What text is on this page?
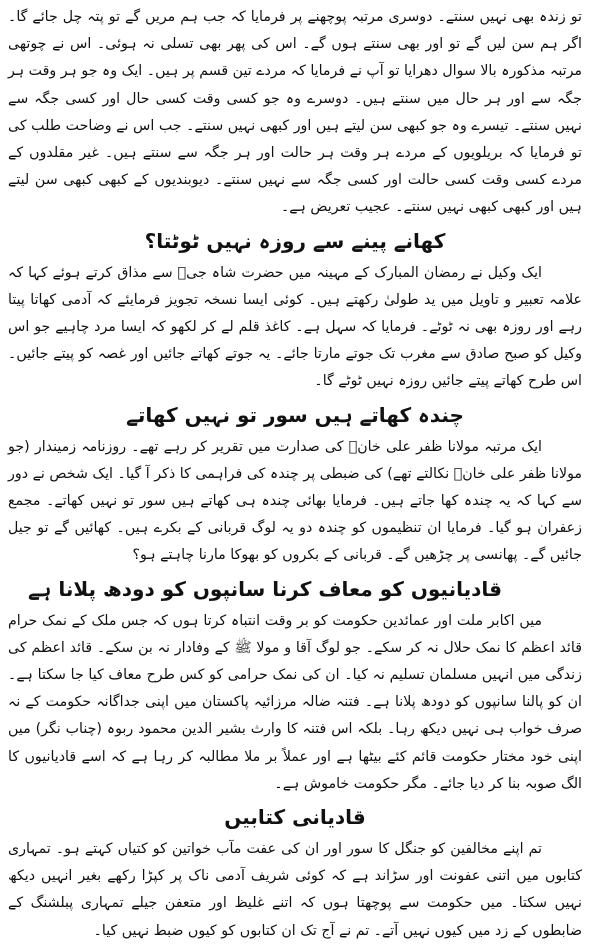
تو زندہ بھی نہیں سنتے۔ دوسری مرتبہ پوچھنے پر فرمایا کہ جب ہم مریں گے تو پتہ چل جائے گا۔ اگر ہم سن لیں گے تو اور بھی سنتے ہوں گے۔ اس کی پھر بھی تسلی نہ ہوئی۔ اس نے چوتھی مرتبہ مذکورہ بالا سوال دھرایا تو آپ نے فرمایا کہ مردے تین قسم پر ہیں۔ ایک وہ جو ہر وقت ہر جگہ سے اور ہر حال میں سنتے ہیں۔ دوسرے وہ جو کسی وقت کسی حال اور کسی جگہ سے نہیں سنتے۔ تیسرے وہ جو کبھی سن لیتے ہیں اور کبھی نہیں سنتے۔ جب اس نے وضاحت طلب کی تو فرمایا کہ بریلویوں کے مردے ہر وقت ہر حالت اور ہر جگہ سے سنتے ہیں۔ غیر مقلدوں کے مردے کسی وقت کسی حالت اور کسی جگہ سے نہیں سنتے۔ دیوبندیوں کے کبھی کبھی سن لیتے ہیں اور کبھی کبھی نہیں سنتے۔ عجیب تعریض ہے۔

کھانے پینے سے روزہ نہیں ٹوٹتا؟

ایک وکیل نے رمضان المبارک کے مہینہ میں حضرت شاہ جیؒ سے مذاق کرتے ہوئے کہا کہ علامہ تعبیر و تاویل میں ید طولیٰ رکھتے ہیں۔ کوئی ایسا نسخہ تجویز فرمایئے کہ آدمی کھاتا پیتا رہے اور روزہ بھی نہ ٹوٹے۔ فرمایا کہ سہل ہے۔ کاغذ قلم لے کر لکھو کہ ایسا مرد چاہیے جو اس وکیل کو صبح صادق سے مغرب تک جوتے مارتا جائے۔ یہ جوتے کھاتے جائیں اور غصہ کو پیتے جائیں۔ اس طرح کھاتے پیتے جائیں روزہ نہیں ٹوٹے گا۔

چندہ کھاتے ہیں سور تو نہیں کھاتے

ایک مرتبہ مولانا ظفر علی خانؒ کی صدارت میں تقریر کر رہے تھے۔ روزنامہ زمیندار (جو مولانا ظفر علی خانؒ نکالتے تھے) کی ضبطی پر چندہ کی فراہمی کا ذکر آ گیا۔ ایک شخص نے دور سے کہا کہ یہ چندہ کھا جاتے ہیں۔ فرمایا بھائی چندہ ہی کھاتے ہیں سور تو نہیں کھاتے۔ مجمع زعفران ہو گیا۔ فرمایا ان تنظیموں کو چندہ دو یہ لوگ قربانی کے بکرے ہیں۔ کھائیں گے تو جیل جائیں گے۔ پھانسی پر چڑھیں گے۔ قربانی کے بکروں کو بھوکا مارنا چاہتے ہو؟

قادیانیوں کو معاف کرنا سانپوں کو دودھ پلانا ہے

میں اکابر ملت اور عمائدین حکومت کو بر وقت انتباہ کرتا ہوں کہ جس ملک کے نمک حرام قائد اعظم کا نمک حلال نہ کر سکے۔ جو لوگ آقا و مولا ﷺ کے وفادار نہ بن سکے۔ قائد اعظم کی زندگی میں انہیں مسلمان تسلیم نہ کیا۔ ان کی نمک حرامی کو کس طرح معاف کیا جا سکتا ہے۔ ان کو پالنا سانپوں کو دودھ پلانا ہے۔ فتنہ ضالہ مرزائیہ پاکستان میں اپنی جداگانہ حکومت کے نہ صرف خواب ہی نہیں دیکھ رہا۔ بلکہ اس فتنہ کا وارث بشیر الدین محمود ربوہ (چناب نگر) میں اپنی خود مختار حکومت قائم کئے بیٹھا ہے اور عملاً بر ملا مطالبہ کر رہا ہے کہ اسے قادیانیوں کا الگ صوبہ بنا کر دیا جائے۔ مگر حکومت خاموش ہے۔

قادیانی کتابیں

تم اپنے مخالفین کو جنگل کا سور اور ان کی عفت مآب خواتین کو کتیاں کہتے ہو۔ تمہاری کتابوں میں اتنی عفونت اور سڑاند ہے کہ کوئی شریف آدمی ناک پر کپڑا رکھے بغیر انہیں دیکھ نہیں سکتا۔ میں حکومت سے پوچھتا ہوں کہ اتنے غلیظ اور متعفن جیلے تمہاری پبلشنگ کے ضابطوں کے زد میں کیوں نہیں آتے۔ تم نے آج تک ان کتابوں کو کیوں ضبط نہیں کیا۔
